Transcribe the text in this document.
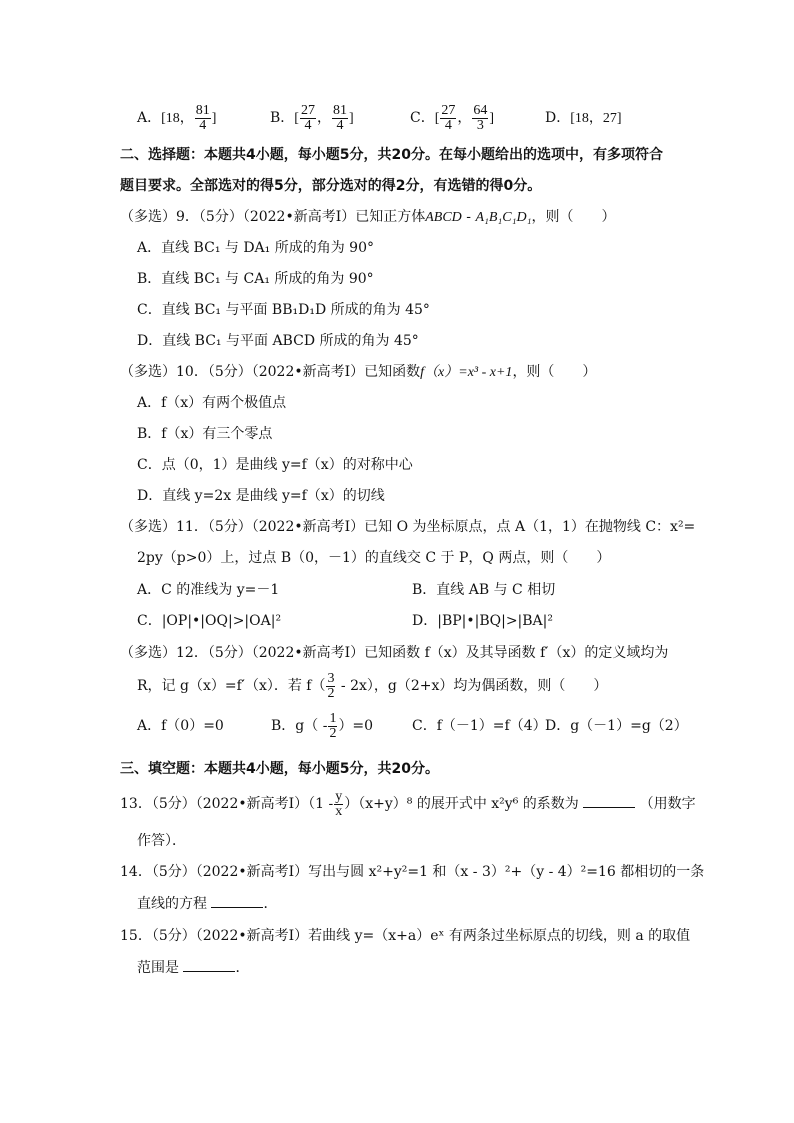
A．[18， $\frac{81}{4}$ ]	B．[ $\frac{27}{4}$ ， $\frac{81}{4}$ ]	C．[ $\frac{27}{4}$ ， $\frac{64}{3}$ ]	D．[18，27]
二、选择题：本题共4小题，每小题5分，共20分。在每小题给出的选项中，有多项符合
题目要求。全部选对的得5分，部分选对的得2分，有选错的得0分。
（多选）9．（5分）（2022•新高考Ⅰ）已知正方体ABCD - A₁B₁C₁D₁，则（　　）
A．直线 BC₁ 与 DA₁ 所成的角为 90°
B．直线 BC₁ 与 CA₁ 所成的角为 90°
C．直线 BC₁ 与平面 BB₁D₁D 所成的角为 45°
D．直线 BC₁ 与平面 ABCD 所成的角为 45°
（多选）10．（5分）（2022•新高考Ⅰ）已知函数f（x）=x³ - x+1，则（　　）
A．f（x）有两个极值点
B．f（x）有三个零点
C．点（0，1）是曲线 y=f（x）的对称中心
D．直线 y=2x 是曲线 y=f（x）的切线
（多选）11．（5分）（2022•新高考Ⅰ）已知 O 为坐标原点，点 A（1，1）在抛物线 C：x²=
2py（p>0）上，过点 B（0，－1）的直线交 C 于 P，Q 两点，则（　　）
A．C 的准线为 y=－1	B．直线 AB 与 C 相切
C．|OP|•|OQ|>|OA|²	D．|BP|•|BQ|>|BA|²
（多选）12．（5分）（2022•新高考Ⅰ）已知函数 f（x）及其导函数 f′（x）的定义域均为
R，记 g（x）=f′（x）．若 $f( \frac{3}{2} - 2x)$，g（2+x）均为偶函数，则（　　）
A．f（0）=0	B．$g( - \frac{1}{2} )=0$	C．f（－1）=f（4）
D．g（－1）=g（2）
三、填空题：本题共4小题，每小题5分，共20分。
13．（5分）（2022•新高考Ⅰ）（1 - $\frac{y}{x} )(x+y)^8$ 的展开式中 x²y⁶ 的系数为	（用数字
作答）．
14．（5分）（2022•新高考Ⅰ）写出与圆 x²+y²=1 和（x - 3）²+（y - 4）²=16 都相切的一条
直线的方程	．
15．（5分）（2022•新高考Ⅰ）若曲线 y=（x+a）eˣ 有两条过坐标原点的切线，则 a 的取值
范围是	．
